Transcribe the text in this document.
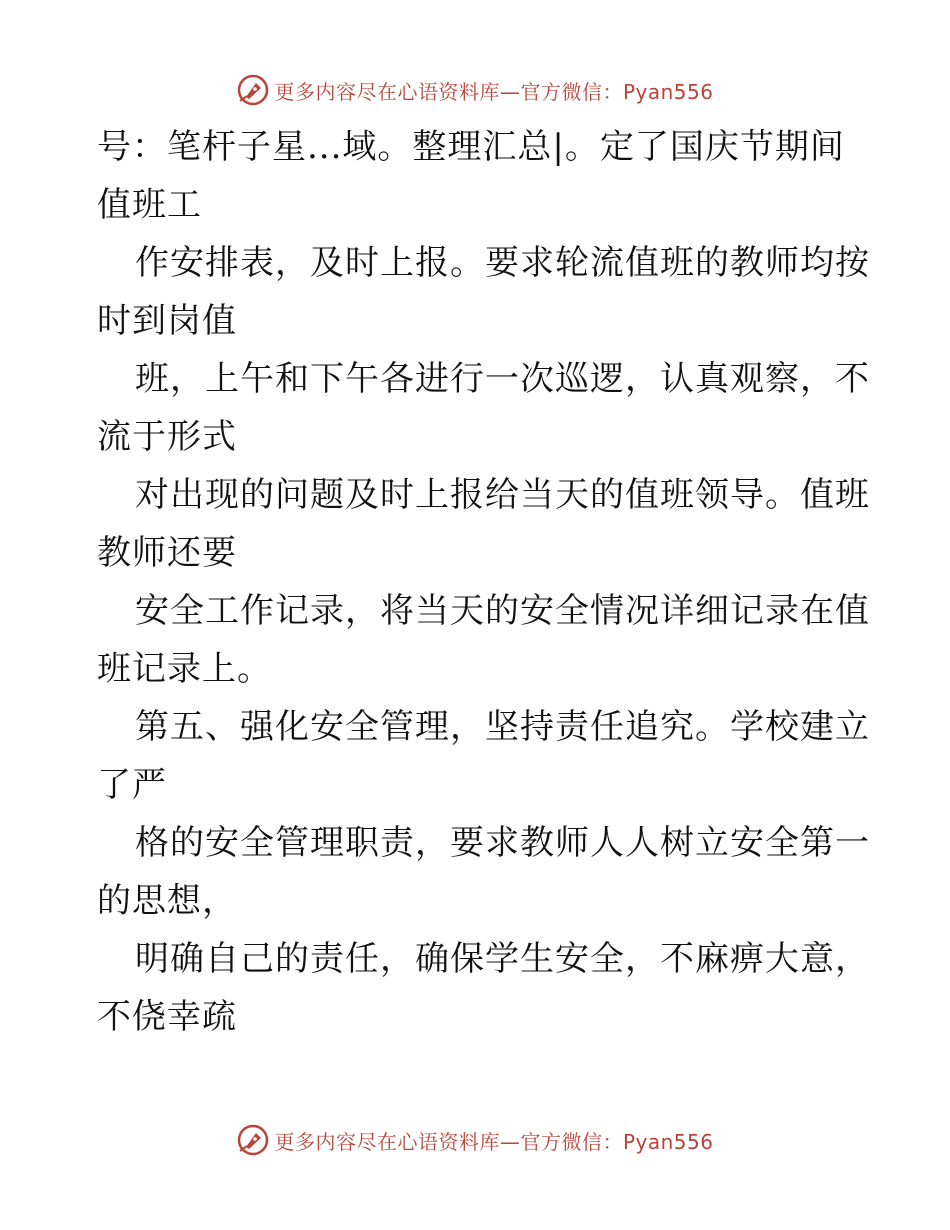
更多内容尽在心语资料库—官方微信：Pyan556
号：笔杆子星...域。整理汇总|。定了国庆节期间
值班工
作安排表，及时上报。要求轮流值班的教师均按
时到岗值
班，上午和下午各进行一次巡逻，认真观察，不
流于形式
对出现的问题及时上报给当天的值班领导。值班
教师还要
安全工作记录，将当天的安全情况详细记录在值
班记录上。
第五、强化安全管理，坚持责任追究。学校建立
了严
格的安全管理职责，要求教师人人树立安全第一
的思想，
明确自己的责任，确保学生安全，不麻痹大意，
不侥幸疏
更多内容尽在心语资料库—官方微信：Pyan556
